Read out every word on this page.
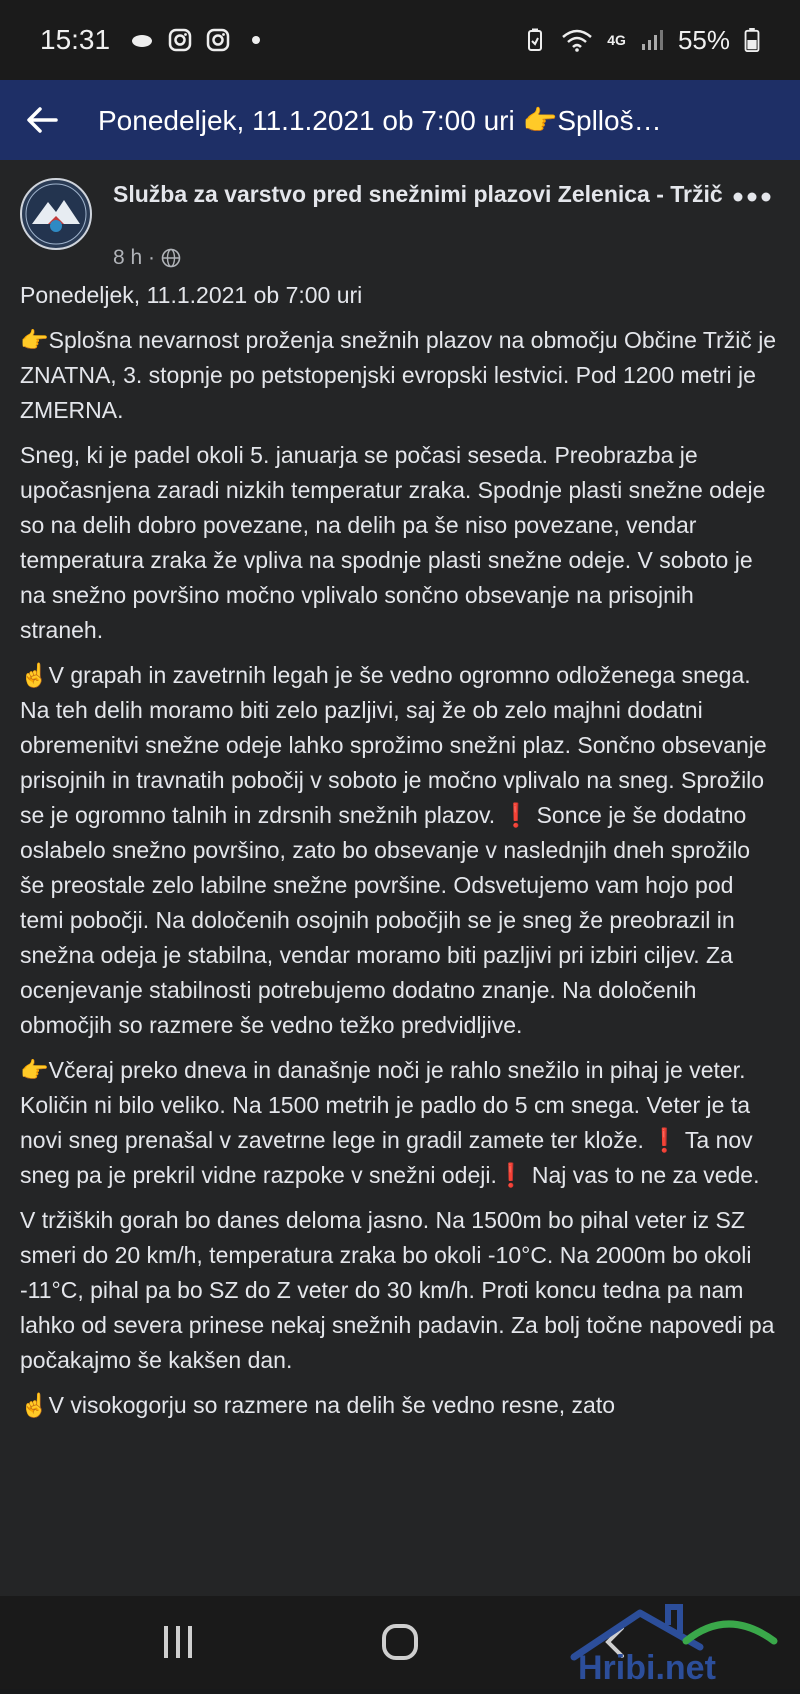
15:31	4G 55%
Ponedeljek, 11.1.2021 ob 7:00 uri 👉Splloš…
Služba za varstvo pred snežnimi plazovi Zelenica - Tržič
8 h ·

Ponedeljek, 11.1.2021 ob 7:00 uri

👉Splošna nevarnost proženja snežnih plazov na območju Občine Tržič je ZNATNA, 3. stopnje po petstopenjski evropski lestvici. Pod 1200 metri je ZMERNA.

Sneg, ki je padel okoli 5. januarja se počasi seseda. Preobrazba je upočasnjena zaradi nizkih temperatur zraka. Spodnje plasti snežne odeje so na delih dobro povezane, na delih pa še niso povezane, vendar temperatura zraka že vpliva na spodnje plasti snežne odeje. V soboto je na snežno površino močno vplivalo sončno obsevanje na prisojnih straneh.

☝️V grapah in zavetrnih legah je še vedno ogromno odloženega snega. Na teh delih moramo biti zelo pazljivi, saj že ob zelo majhni dodatni obremenitvi snežne odeje lahko sprožimo snežni plaz. Sončno obsevanje prisojnih in travnatih pobočij v soboto je močno vplivalo na sneg. Sprožilo se je ogromno talnih in zdrsnih snežnih plazov. ❗ Sonce je še dodatno oslabelo snežno površino, zato bo obsevanje v naslednjih dneh sprožilo še preostale zelo labilne snežne površine. Odsvetujemo vam hojo pod temi pobočji. Na določenih osojnih pobočjih se je sneg že preobrazil in snežna odeja je stabilna, vendar moramo biti pazljivi pri izbiri ciljev. Za ocenjevanje stabilnosti potrebujemo dodatno znanje. Na določenih območjih so razmere še vedno težko predvidljive.

👉Včeraj preko dneva in današnje noči je rahlo snežilo in pihaj je veter. Količin ni bilo veliko. Na 1500 metrih je padlo do 5 cm snega. Veter je ta novi sneg prenašal v zavetrne lege in gradil zamete ter klože. ❗ Ta nov sneg pa je prekril vidne razpoke v snežni odeji.❗ Naj vas to ne za vede.

V tržiških gorah bo danes deloma jasno. Na 1500m bo pihal veter iz SZ smeri do 20 km/h, temperatura zraka bo okoli -10°C. Na 2000m bo okoli -11°C, pihal pa bo SZ do Z veter do 30 km/h. Proti koncu tedna pa nam lahko od severa prinese nekaj snežnih padavin. Za bolj točne napovedi pa počakajmo še kakšen dan.

☝️V visokogorju so razmere na delih še vedno resne, zato

Hribi.net
